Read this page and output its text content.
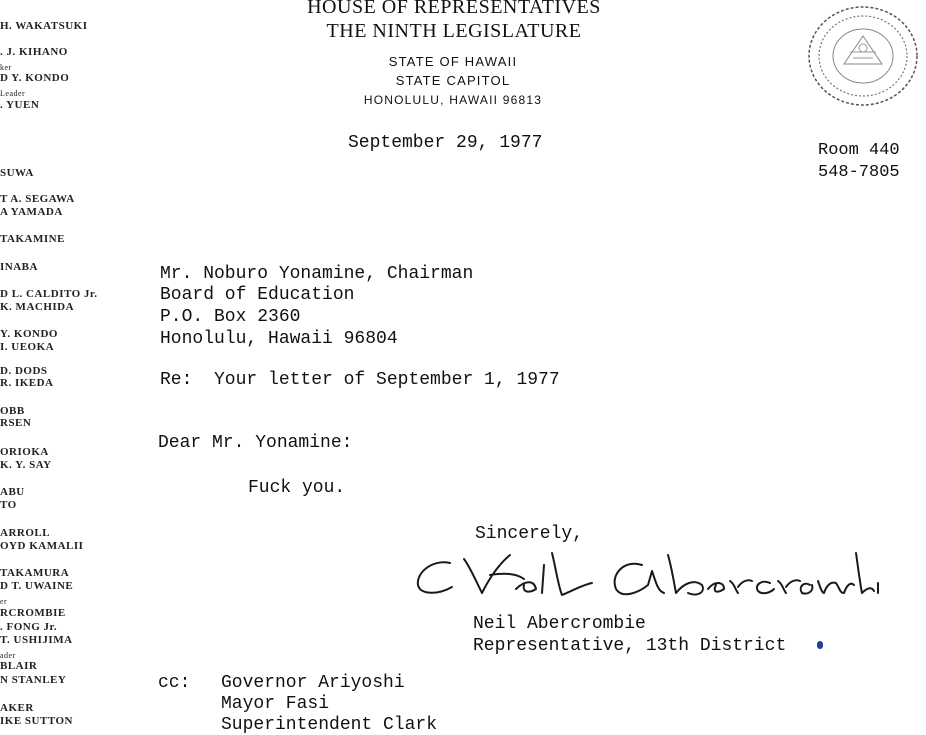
HOUSE OF REPRESENTATIVES
THE NINTH LEGISLATURE
STATE OF HAWAII
STATE CAPITOL
HONOLULU, HAWAII 96813
H. WAKATSUKI
. J. KIHANO
ker
D Y. KONDO
Leader
. YUEN
SUWA
T A. SEGAWA
A YAMADA
TAKAMINE
INABA
D L. CALDITO Jr.
K. MACHIDA
Y. KONDO
I. UEOKA
D. DODS
R. IKEDA
OBB
RSEN
ORIOKA
K. Y. SAY
ABU
TO
ARROLL
OYD KAMALII
TAKAMURA
D T. UWAINE
er
RCROMBIE
. FONG Jr.
T. USHIJIMA
ader
BLAIR
N STANLEY
AKER
IKE SUTTON
September 29, 1977	Room 440
548-7805
Mr. Noburo Yonamine, Chairman
Board of Education
P.O. Box 2360
Honolulu, Hawaii 96804
Re:  Your letter of September 1, 1977
Dear Mr. Yonamine:
Fuck you.
Sincerely,
Neil Abercrombie
Representative, 13th District
cc: Governor Ariyoshi
Mayor Fasi
Superintendent Clark
